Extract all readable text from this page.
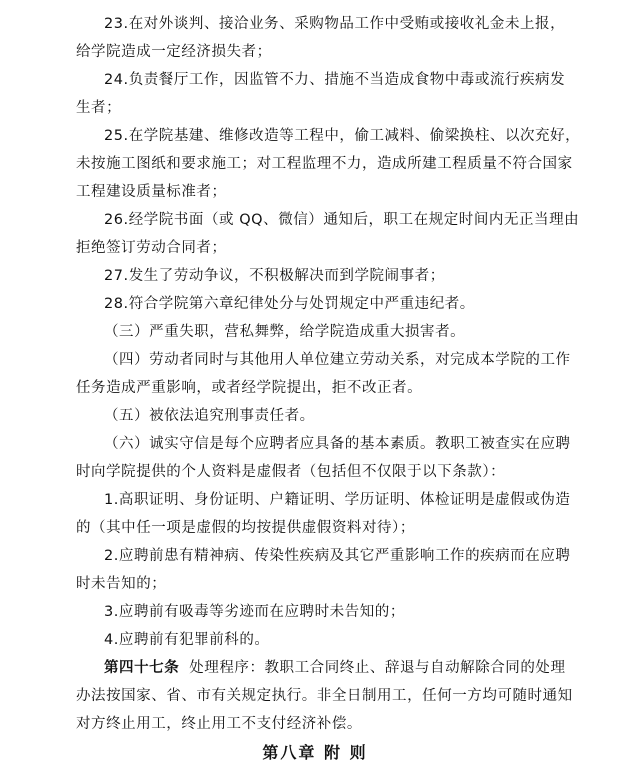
23.在对外谈判、接洽业务、采购物品工作中受贿或接收礼金未上报，
给学院造成一定经济损失者；
24.负责餐厅工作，因监管不力、措施不当造成食物中毒或流行疾病发
生者；
25.在学院基建、维修改造等工程中，偷工减料、偷梁换柱、以次充好，
未按施工图纸和要求施工；对工程监理不力，造成所建工程质量不符合国家
工程建设质量标准者；
26.经学院书面（或 QQ、微信）通知后，职工在规定时间内无正当理由
拒绝签订劳动合同者；
27.发生了劳动争议，不积极解决而到学院闹事者；
28.符合学院第六章纪律处分与处罚规定中严重违纪者。
（三）严重失职，营私舞弊，给学院造成重大损害者。
（四）劳动者同时与其他用人单位建立劳动关系，对完成本学院的工作
任务造成严重影响，或者经学院提出，拒不改正者。
（五）被依法追究刑事责任者。
（六）诚实守信是每个应聘者应具备的基本素质。教职工被查实在应聘
时向学院提供的个人资料是虚假者（包括但不仅限于以下条款）：
1.高职证明、身份证明、户籍证明、学历证明、体检证明是虚假或伪造
的（其中任一项是虚假的均按提供虚假资料对待）；
2.应聘前患有精神病、传染性疾病及其它严重影响工作的疾病而在应聘
时未告知的；
3.应聘前有吸毒等劣迹而在应聘时未告知的；
4.应聘前有犯罪前科的。
第四十七条 处理程序：教职工合同终止、辞退与自动解除合同的处理
办法按国家、省、市有关规定执行。非全日制用工，任何一方均可随时通知
对方终止用工，终止用工不支付经济补偿。
第八章 附 则
